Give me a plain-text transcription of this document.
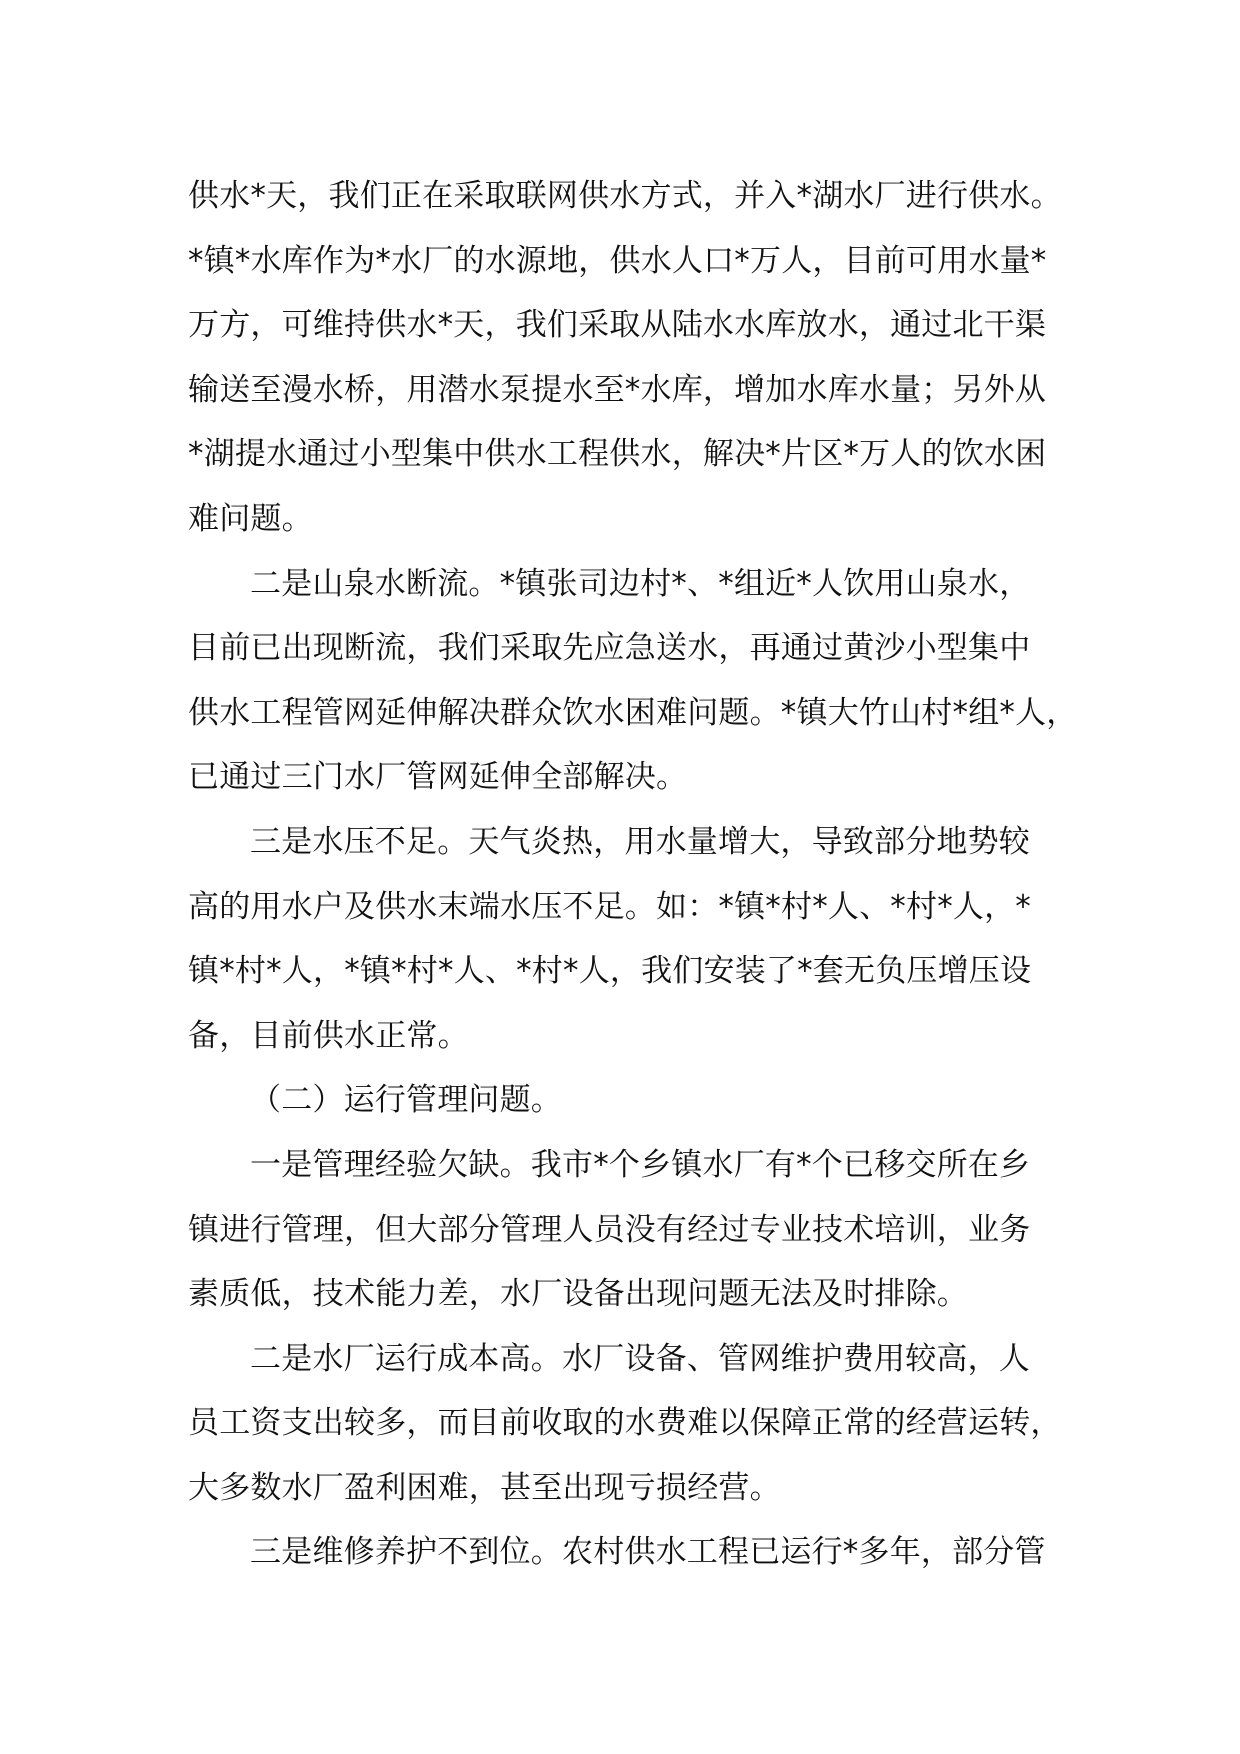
供水*天，我们正在采取联网供水方式，并入*湖水厂进行供水。
*镇*水库作为*水厂的水源地，供水人口*万人，目前可用水量*
万方，可维持供水*天，我们采取从陆水水库放水，通过北干渠
输送至漫水桥，用潜水泵提水至*水库，增加水库水量；另外从
*湖提水通过小型集中供水工程供水，解决*片区*万人的饮水困
难问题。
二是山泉水断流。*镇张司边村*、*组近*人饮用山泉水，
目前已出现断流，我们采取先应急送水，再通过黄沙小型集中
供水工程管网延伸解决群众饮水困难问题。*镇大竹山村*组*人，
已通过三门水厂管网延伸全部解决。
三是水压不足。天气炎热，用水量增大，导致部分地势较
高的用水户及供水末端水压不足。如：*镇*村*人、*村*人，*
镇*村*人，*镇*村*人、*村*人，我们安装了*套无负压增压设
备，目前供水正常。
（二）运行管理问题。
一是管理经验欠缺。我市*个乡镇水厂有*个已移交所在乡
镇进行管理，但大部分管理人员没有经过专业技术培训，业务
素质低，技术能力差，水厂设备出现问题无法及时排除。
二是水厂运行成本高。水厂设备、管网维护费用较高，人
员工资支出较多，而目前收取的水费难以保障正常的经营运转，
大多数水厂盈利困难，甚至出现亏损经营。
三是维修养护不到位。农村供水工程已运行*多年，部分管
